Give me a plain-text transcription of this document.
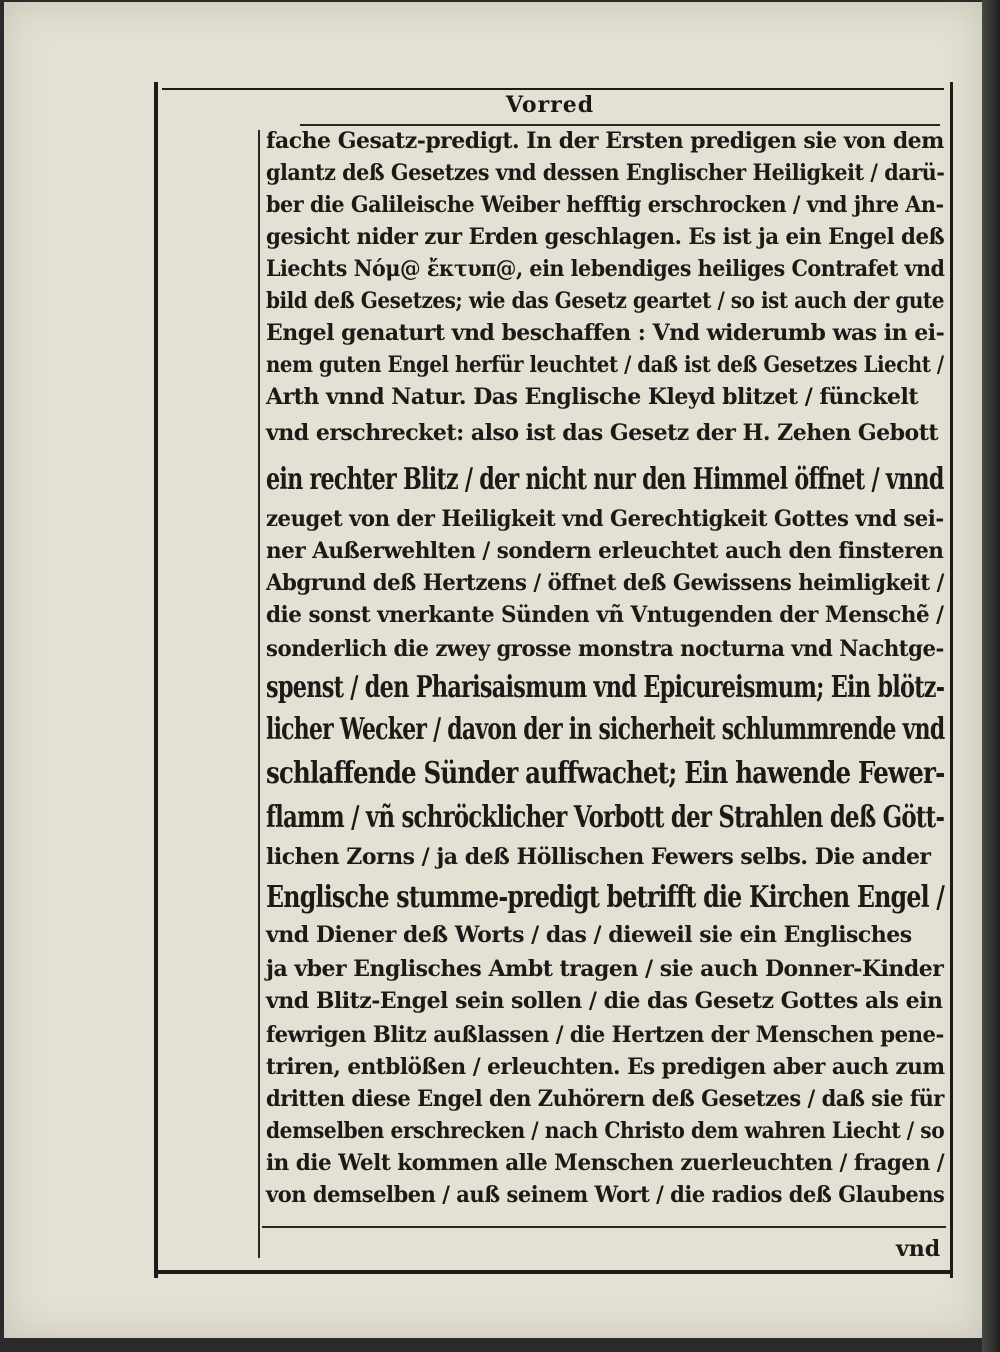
Vorred
fache Gesatz-predigt. In der Ersten predigen sie von dem
glantz deß Gesetzes vnd dessen Englischer Heiligkeit / darü-
ber die Galileische Weiber hefftig erschrocken / vnd jhre An-
gesicht nider zur Erden geschlagen. Es ist ja ein Engel deß
Liechts Νόμ@ ἔκτυπ@, ein lebendiges heiliges Contrafet vnd
bild deß Gesetzes; wie das Gesetz geartet / so ist auch der gute
Engel genaturt vnd beschaffen : Vnd widerumb was in ei-
nem guten Engel herfür leuchtet / daß ist deß Gesetzes Liecht /
Arth vnnd Natur. Das Englische Kleyd blitzet / fünckelt
vnd erschrecket: also ist das Gesetz der H. Zehen Gebott
ein rechter Blitz / der nicht nur den Himmel öffnet / vnnd
zeuget von der Heiligkeit vnd Gerechtigkeit Gottes vnd sei-
ner Außerwehlten / sondern erleuchtet auch den finsteren
Abgrund deß Hertzens / öffnet deß Gewissens heimligkeit /
die sonst vnerkante Sünden vñ Vntugenden der Menschẽ /
sonderlich die zwey grosse monstra nocturna vnd Nachtge-
spenst / den Pharisaismum vnd Epicureismum; Ein blötz-
licher Wecker / davon der in sicherheit schlummrende vnd
schlaffende Sünder auffwachet; Ein hawende Fewer-
flamm / vñ schröcklicher Vorbott der Strahlen deß Gött-
lichen Zorns / ja deß Höllischen Fewers selbs. Die ander
Englische stumme-predigt betrifft die Kirchen Engel /
vnd Diener deß Worts / das / dieweil sie ein Englisches
ja vber Englisches Ambt tragen / sie auch Donner-Kinder
vnd Blitz-Engel sein sollen / die das Gesetz Gottes als ein
fewrigen Blitz außlassen / die Hertzen der Menschen pene-
triren, entblößen / erleuchten. Es predigen aber auch zum
dritten diese Engel den Zuhörern deß Gesetzes / daß sie für
demselben erschrecken / nach Christo dem wahren Liecht / so
in die Welt kommen alle Menschen zuerleuchten / fragen /
von demselben / auß seinem Wort / die radios deß Glaubens
vnd
